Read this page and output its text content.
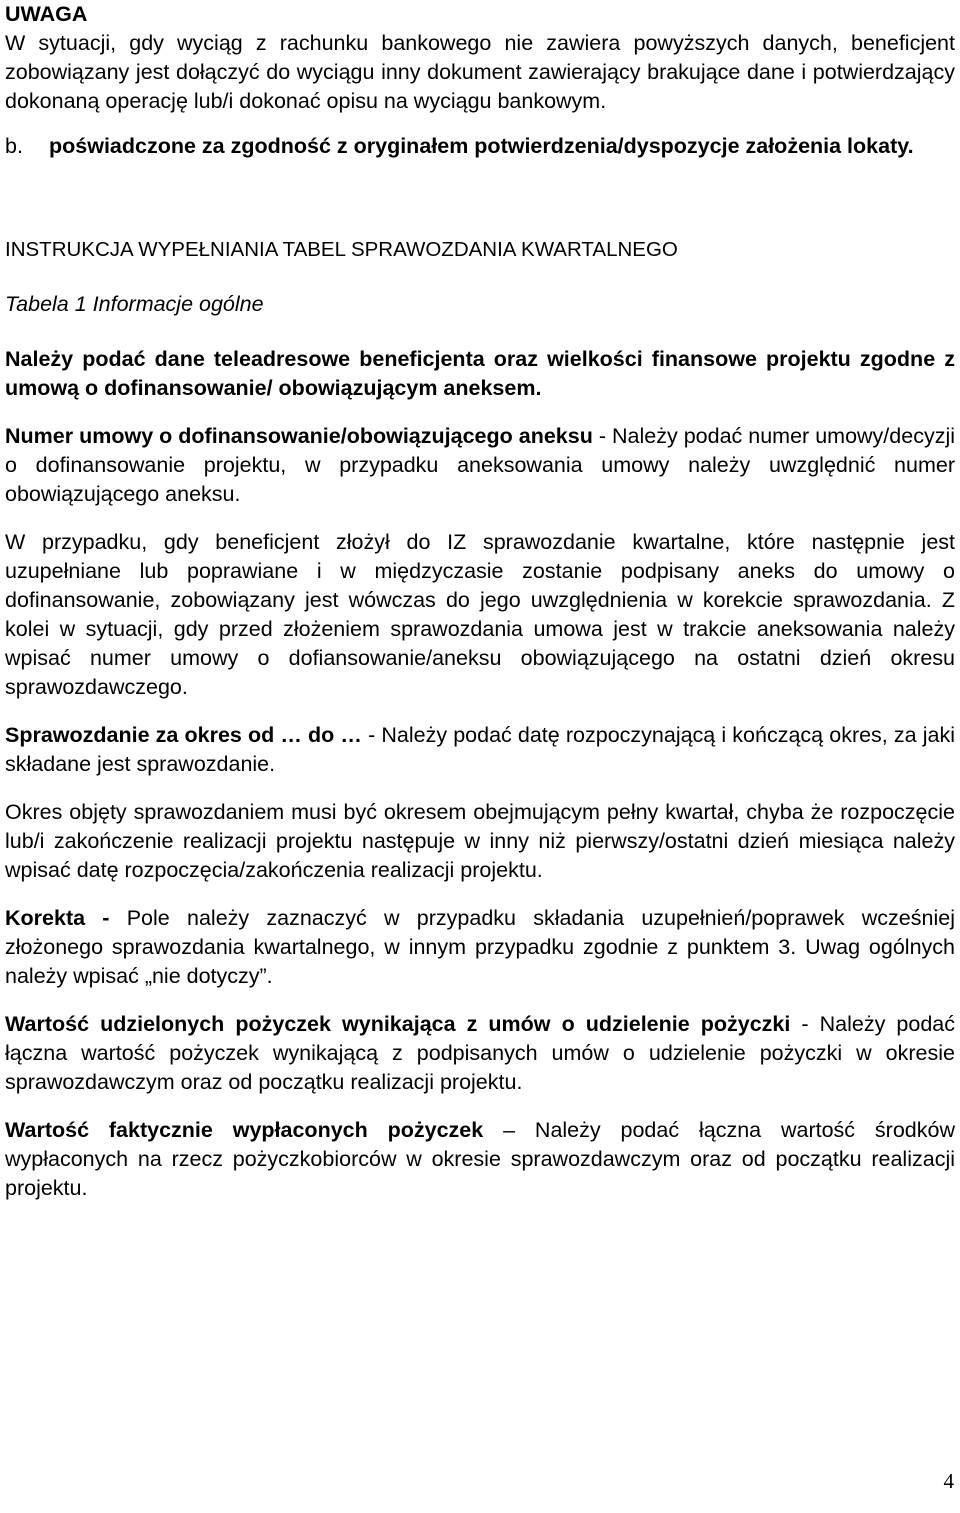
UWAGA

W sytuacji, gdy wyciąg z rachunku bankowego nie zawiera powyższych danych, beneficjent zobowiązany jest dołączyć do wyciągu inny dokument zawierający brakujące dane i potwierdzający dokonaną operację lub/i dokonać opisu na wyciągu bankowym.

b.	poświadczone za zgodność z oryginałem potwierdzenia/dyspozycje założenia lokaty.

INSTRUKCJA WYPEŁNIANIA TABEL SPRAWOZDANIA KWARTALNEGO

Tabela 1 Informacje ogólne

Należy podać dane teleadresowe beneficjenta oraz wielkości finansowe projektu zgodne z umową o dofinansowanie/ obowiązującym aneksem.

Numer umowy o dofinansowanie/obowiązującego aneksu - Należy podać numer umowy/decyzji o dofinansowanie projektu, w przypadku aneksowania umowy należy uwzględnić numer obowiązującego aneksu.

W przypadku, gdy beneficjent złożył do IZ sprawozdanie kwartalne, które następnie jest uzupełniane lub poprawiane i w międzyczasie zostanie podpisany aneks do umowy o dofinansowanie, zobowiązany jest wówczas do jego uwzględnienia w korekcie sprawozdania. Z kolei w sytuacji, gdy przed złożeniem sprawozdania umowa jest w trakcie aneksowania należy wpisać numer umowy o dofiansowanie/aneksu obowiązującego na ostatni dzień okresu sprawozdawczego.

Sprawozdanie za okres od … do … - Należy podać datę rozpoczynającą i kończącą okres, za jaki składane jest sprawozdanie.

Okres objęty sprawozdaniem musi być okresem obejmującym pełny kwartał, chyba że rozpoczęcie lub/i zakończenie realizacji projektu następuje w inny niż pierwszy/ostatni dzień miesiąca należy wpisać datę rozpoczęcia/zakończenia realizacji projektu.

Korekta - Pole należy zaznaczyć w przypadku składania uzupełnień/poprawek wcześniej złożonego sprawozdania kwartalnego, w innym przypadku zgodnie z punktem 3. Uwag ogólnych należy wpisać „nie dotyczy”.

Wartość udzielonych pożyczek wynikająca z umów o udzielenie pożyczki - Należy podać łączna wartość pożyczek wynikającą z podpisanych umów o udzielenie pożyczki w okresie sprawozdawczym oraz od początku realizacji projektu.

Wartość faktycznie wypłaconych pożyczek – Należy podać łączna wartość środków wypłaconych na rzecz pożyczkobiorców w okresie sprawozdawczym oraz od początku realizacji projektu.

4
